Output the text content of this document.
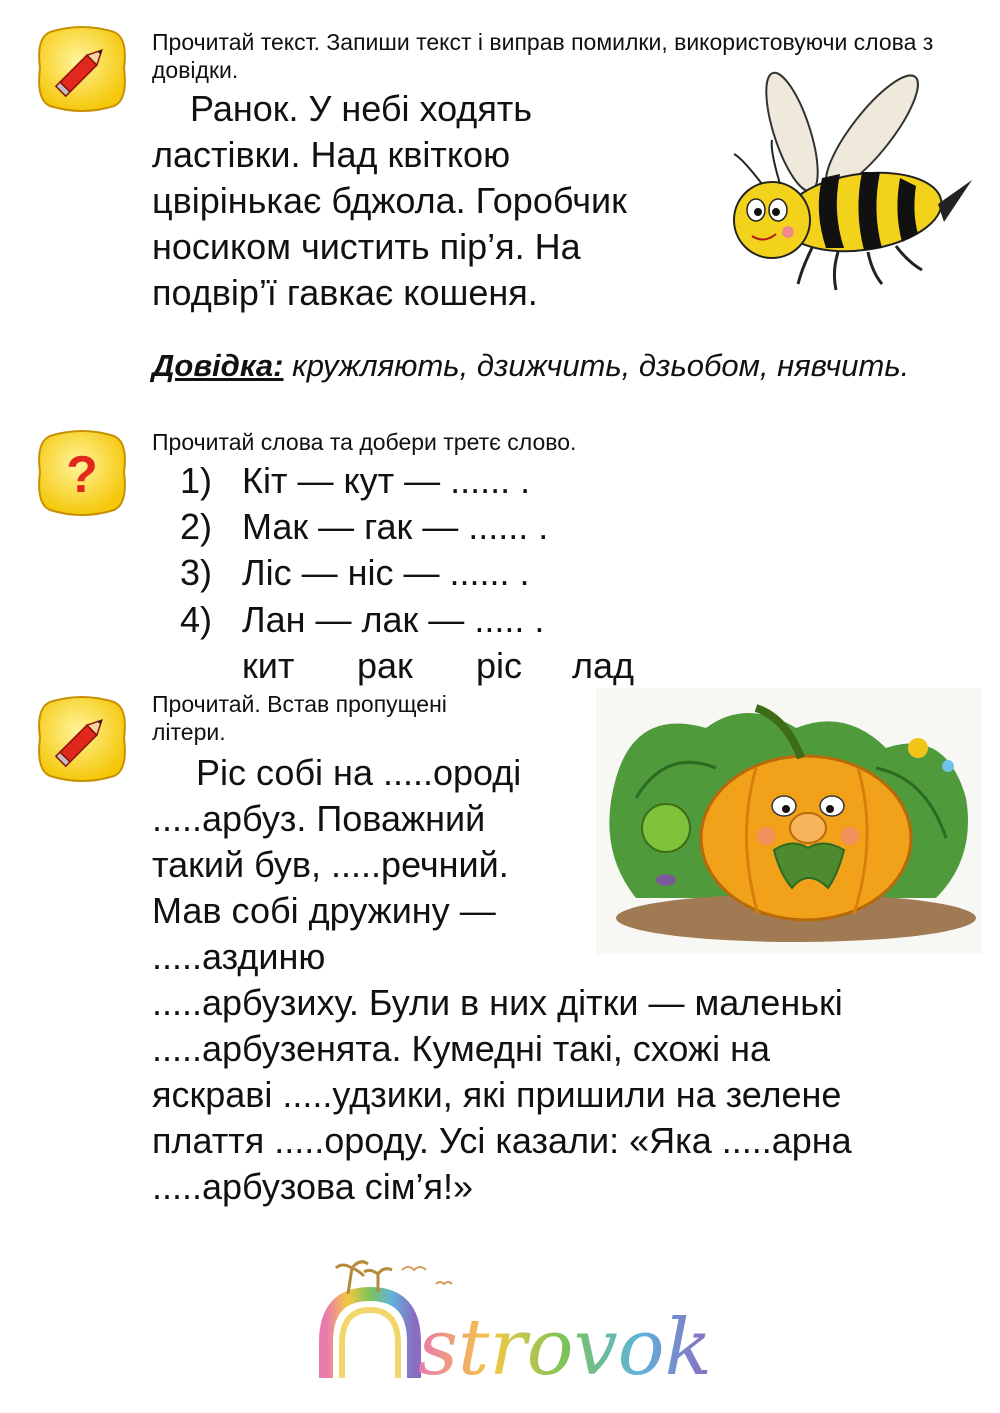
Прочитай текст. Запиши текст і виправ помилки, використовуючи слова з довідки.
Ранок. У небі ходять
ластівки. Над квіткою
цвірінькає бджола. Горобчик
носиком чистить пір’я. На
подвір’ї гавкає кошеня.
Довідка: кружляють, дзижчить, дзьобом, нявчить.
?
Прочитай слова та добери третє слово.
1) Кіт — кут — ...... .
2) Мак — гак — ...... .
3) Ліс — ніс — ...... .
4) Лан — лак — ..... .
кит рак ріс лад
Прочитай. Встав пропущені
літери.
Ріс собі на .....ороді
.....арбуз. Поважний
такий був, .....речний.
Мав собі дружину —
.....аздиню
.....арбузиху. Були в них дітки — маленькі
.....арбузенята. Кумедні такі, схожі на
яскраві .....удзики, які пришили на зелене
плаття .....ороду. Усі казали: «Яка .....арна
.....арбузова сім’я!»
strovok
